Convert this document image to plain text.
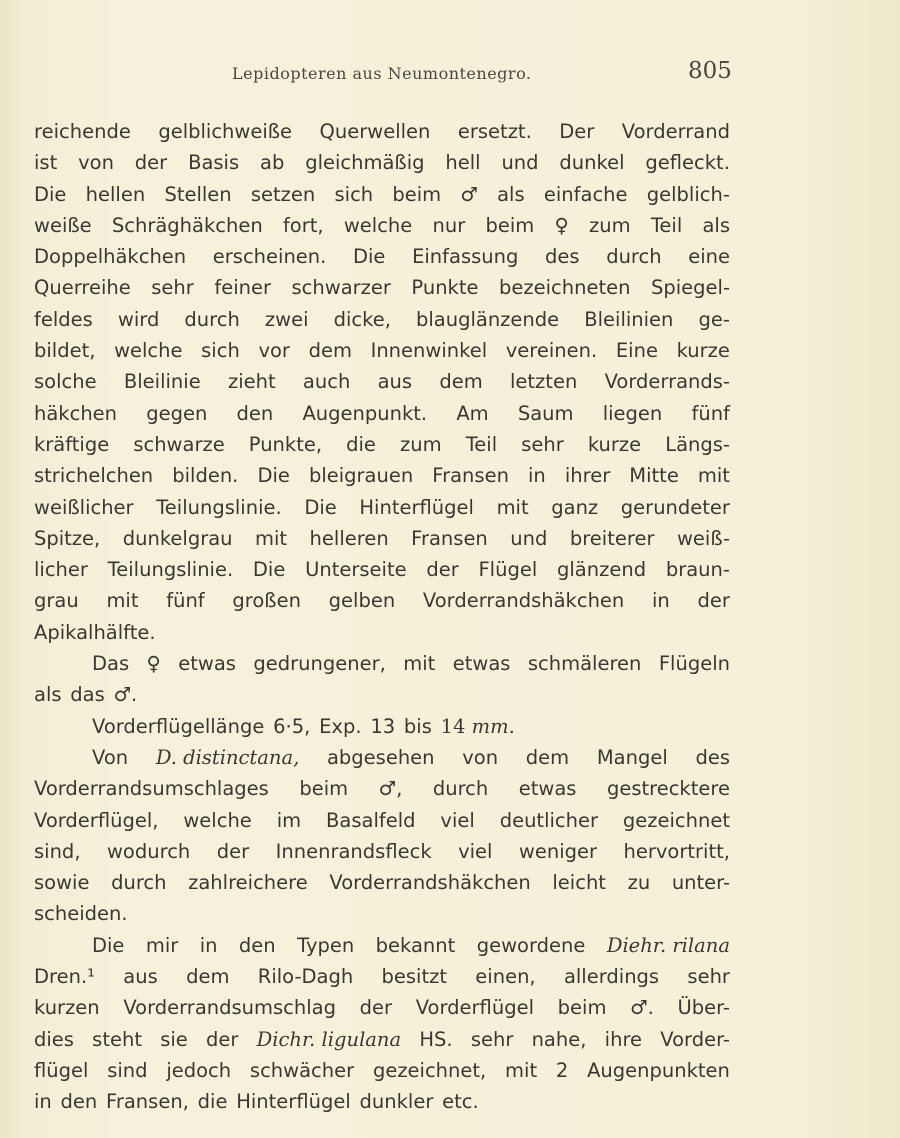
Lepidopteren aus Neumontenegro.	805
reichende gelblichweiße Querwellen ersetzt. Der Vorderrand
ist von der Basis ab gleichmäßig hell und dunkel gefleckt.
Die hellen Stellen setzen sich beim ♂ als einfache gelblich-
weiße Schräghäkchen fort, welche nur beim ♀ zum Teil als
Doppelhäkchen erscheinen. Die Einfassung des durch eine
Querreihe sehr feiner schwarzer Punkte bezeichneten Spiegel-
feldes wird durch zwei dicke, blauglänzende Bleilinien ge-
bildet, welche sich vor dem Innenwinkel vereinen. Eine kurze
solche Bleilinie zieht auch aus dem letzten Vorderrands-
häkchen gegen den Augenpunkt. Am Saum liegen fünf
kräftige schwarze Punkte, die zum Teil sehr kurze Längs-
strichelchen bilden. Die bleigrauen Fransen in ihrer Mitte mit
weißlicher Teilungslinie. Die Hinterflügel mit ganz gerundeter
Spitze, dunkelgrau mit helleren Fransen und breiterer weiß-
licher Teilungslinie. Die Unterseite der Flügel glänzend braun-
grau mit fünf großen gelben Vorderrandshäkchen in der
Apikalhälfte.
Das ♀ etwas gedrungener, mit etwas schmäleren Flügeln
als das ♂.
Vorderflügellänge 6·5, Exp. 13 bis 14 mm.
Von D. distinctana, abgesehen von dem Mangel des
Vorderrandsumschlages beim ♂, durch etwas gestrecktere
Vorderflügel, welche im Basalfeld viel deutlicher gezeichnet
sind, wodurch der Innenrandsfleck viel weniger hervortritt,
sowie durch zahlreichere Vorderrandshäkchen leicht zu unter-
scheiden.
Die mir in den Typen bekannt gewordene Diehr. rilana
Dren.¹ aus dem Rilo-Dagh besitzt einen, allerdings sehr
kurzen Vorderrandsumschlag der Vorderflügel beim ♂. Über-
dies steht sie der Dichr. ligulana HS. sehr nahe, ihre Vorder-
flügel sind jedoch schwächer gezeichnet, mit 2 Augenpunkten
in den Fransen, die Hinterflügel dunkler etc.
